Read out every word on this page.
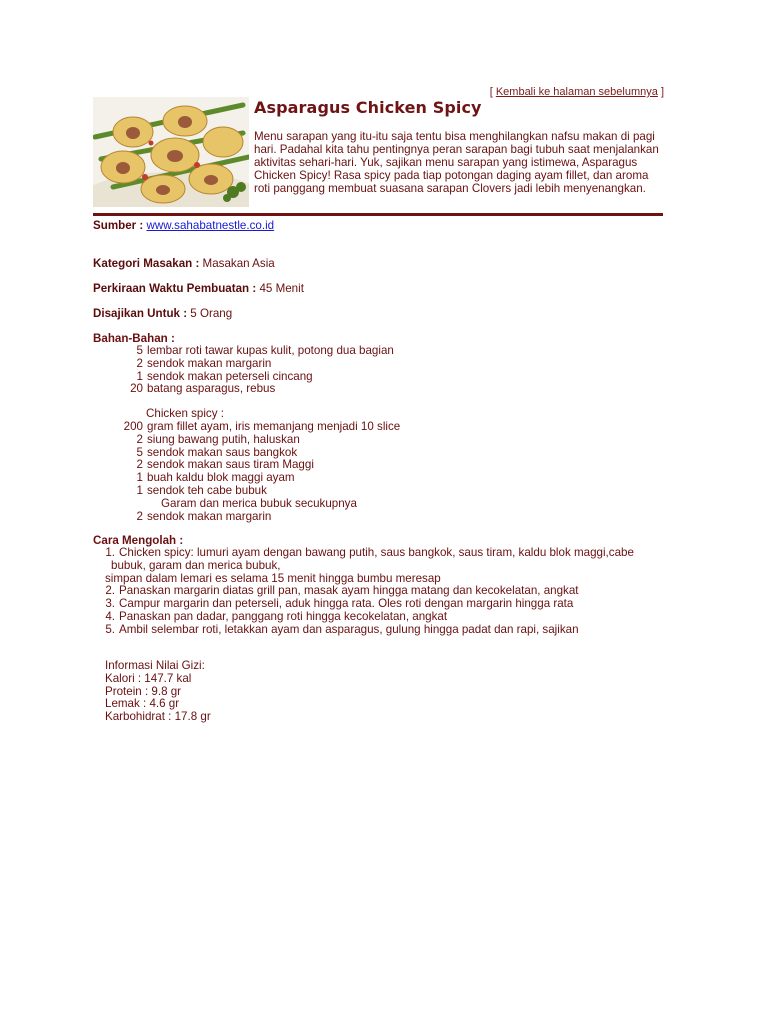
[ Kembali ke halaman sebelumnya ]
Asparagus Chicken Spicy
Menu sarapan yang itu-itu saja tentu bisa menghilangkan nafsu makan di pagi
hari. Padahal kita tahu pentingnya peran sarapan bagi tubuh saat menjalankan
aktivitas sehari-hari. Yuk, sajikan menu sarapan yang istimewa, Asparagus
Chicken Spicy! Rasa spicy pada tiap potongan daging ayam fillet, dan aroma
roti panggang membuat suasana sarapan Clovers jadi lebih menyenangkan.
Sumber : www.sahabatnestle.co.id
Kategori Masakan : Masakan Asia
Perkiraan Waktu Pembuatan : 45 Menit
Disajikan Untuk : 5 Orang
Bahan-Bahan :
5 lembar roti tawar kupas kulit, potong dua bagian
2 sendok makan margarin
1 sendok makan peterseli cincang
20 batang asparagus, rebus
Chicken spicy :
200 gram fillet ayam, iris memanjang menjadi 10 slice
2 siung bawang putih, haluskan
5 sendok makan saus bangkok
2 sendok makan saus tiram Maggi
1 buah kaldu blok maggi ayam
1 sendok teh cabe bubuk
Garam dan merica bubuk secukupnya
2 sendok makan margarin
Cara Mengolah :
1. Chicken spicy: lumuri ayam dengan bawang putih, saus bangkok, saus tiram, kaldu blok maggi,cabe
bubuk, garam dan merica bubuk,
simpan dalam lemari es selama 15 menit hingga bumbu meresap
2. Panaskan margarin diatas grill pan, masak ayam hingga matang dan kecokelatan, angkat
3. Campur margarin dan peterseli, aduk hingga rata. Oles roti dengan margarin hingga rata
4. Panaskan pan dadar, panggang roti hingga kecokelatan, angkat
5. Ambil selembar roti, letakkan ayam dan asparagus, gulung hingga padat dan rapi, sajikan
Informasi Nilai Gizi:
Kalori : 147.7 kal
Protein : 9.8 gr
Lemak : 4.6 gr
Karbohidrat : 17.8 gr
